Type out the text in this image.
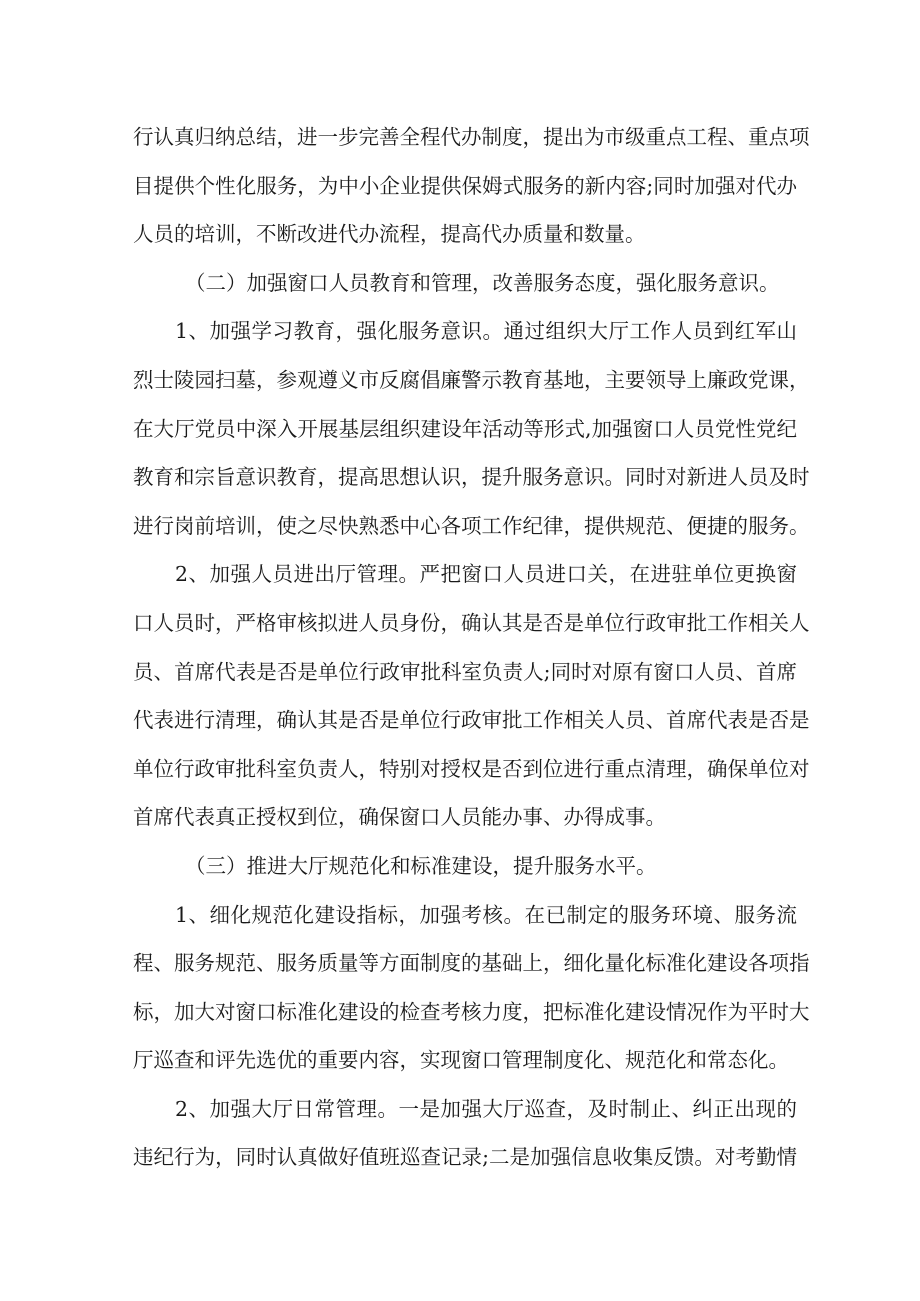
行认真归纳总结，进一步完善全程代办制度，提出为市级重点工程、重点项
目提供个性化服务，为中小企业提供保姆式服务的新内容;同时加强对代办
人员的培训，不断改进代办流程，提高代办质量和数量。
（二）加强窗口人员教育和管理，改善服务态度，强化服务意识。
1、加强学习教育，强化服务意识。通过组织大厅工作人员到红军山
烈士陵园扫墓，参观遵义市反腐倡廉警示教育基地，主要领导上廉政党课，
在大厅党员中深入开展基层组织建设年活动等形式,加强窗口人员党性党纪
教育和宗旨意识教育，提高思想认识，提升服务意识。同时对新进人员及时
进行岗前培训，使之尽快熟悉中心各项工作纪律，提供规范、便捷的服务。
2、加强人员进出厅管理。严把窗口人员进口关，在进驻单位更换窗
口人员时，严格审核拟进人员身份，确认其是否是单位行政审批工作相关人
员、首席代表是否是单位行政审批科室负责人;同时对原有窗口人员、首席
代表进行清理，确认其是否是单位行政审批工作相关人员、首席代表是否是
单位行政审批科室负责人，特别对授权是否到位进行重点清理，确保单位对
首席代表真正授权到位，确保窗口人员能办事、办得成事。
（三）推进大厅规范化和标准建设，提升服务水平。
1、细化规范化建设指标，加强考核。在已制定的服务环境、服务流
程、服务规范、服务质量等方面制度的基础上，细化量化标准化建设各项指
标，加大对窗口标准化建设的检查考核力度，把标准化建设情况作为平时大
厅巡查和评先选优的重要内容，实现窗口管理制度化、规范化和常态化。
2、加强大厅日常管理。一是加强大厅巡查，及时制止、纠正出现的
违纪行为，同时认真做好值班巡查记录;二是加强信息收集反馈。对考勤情
